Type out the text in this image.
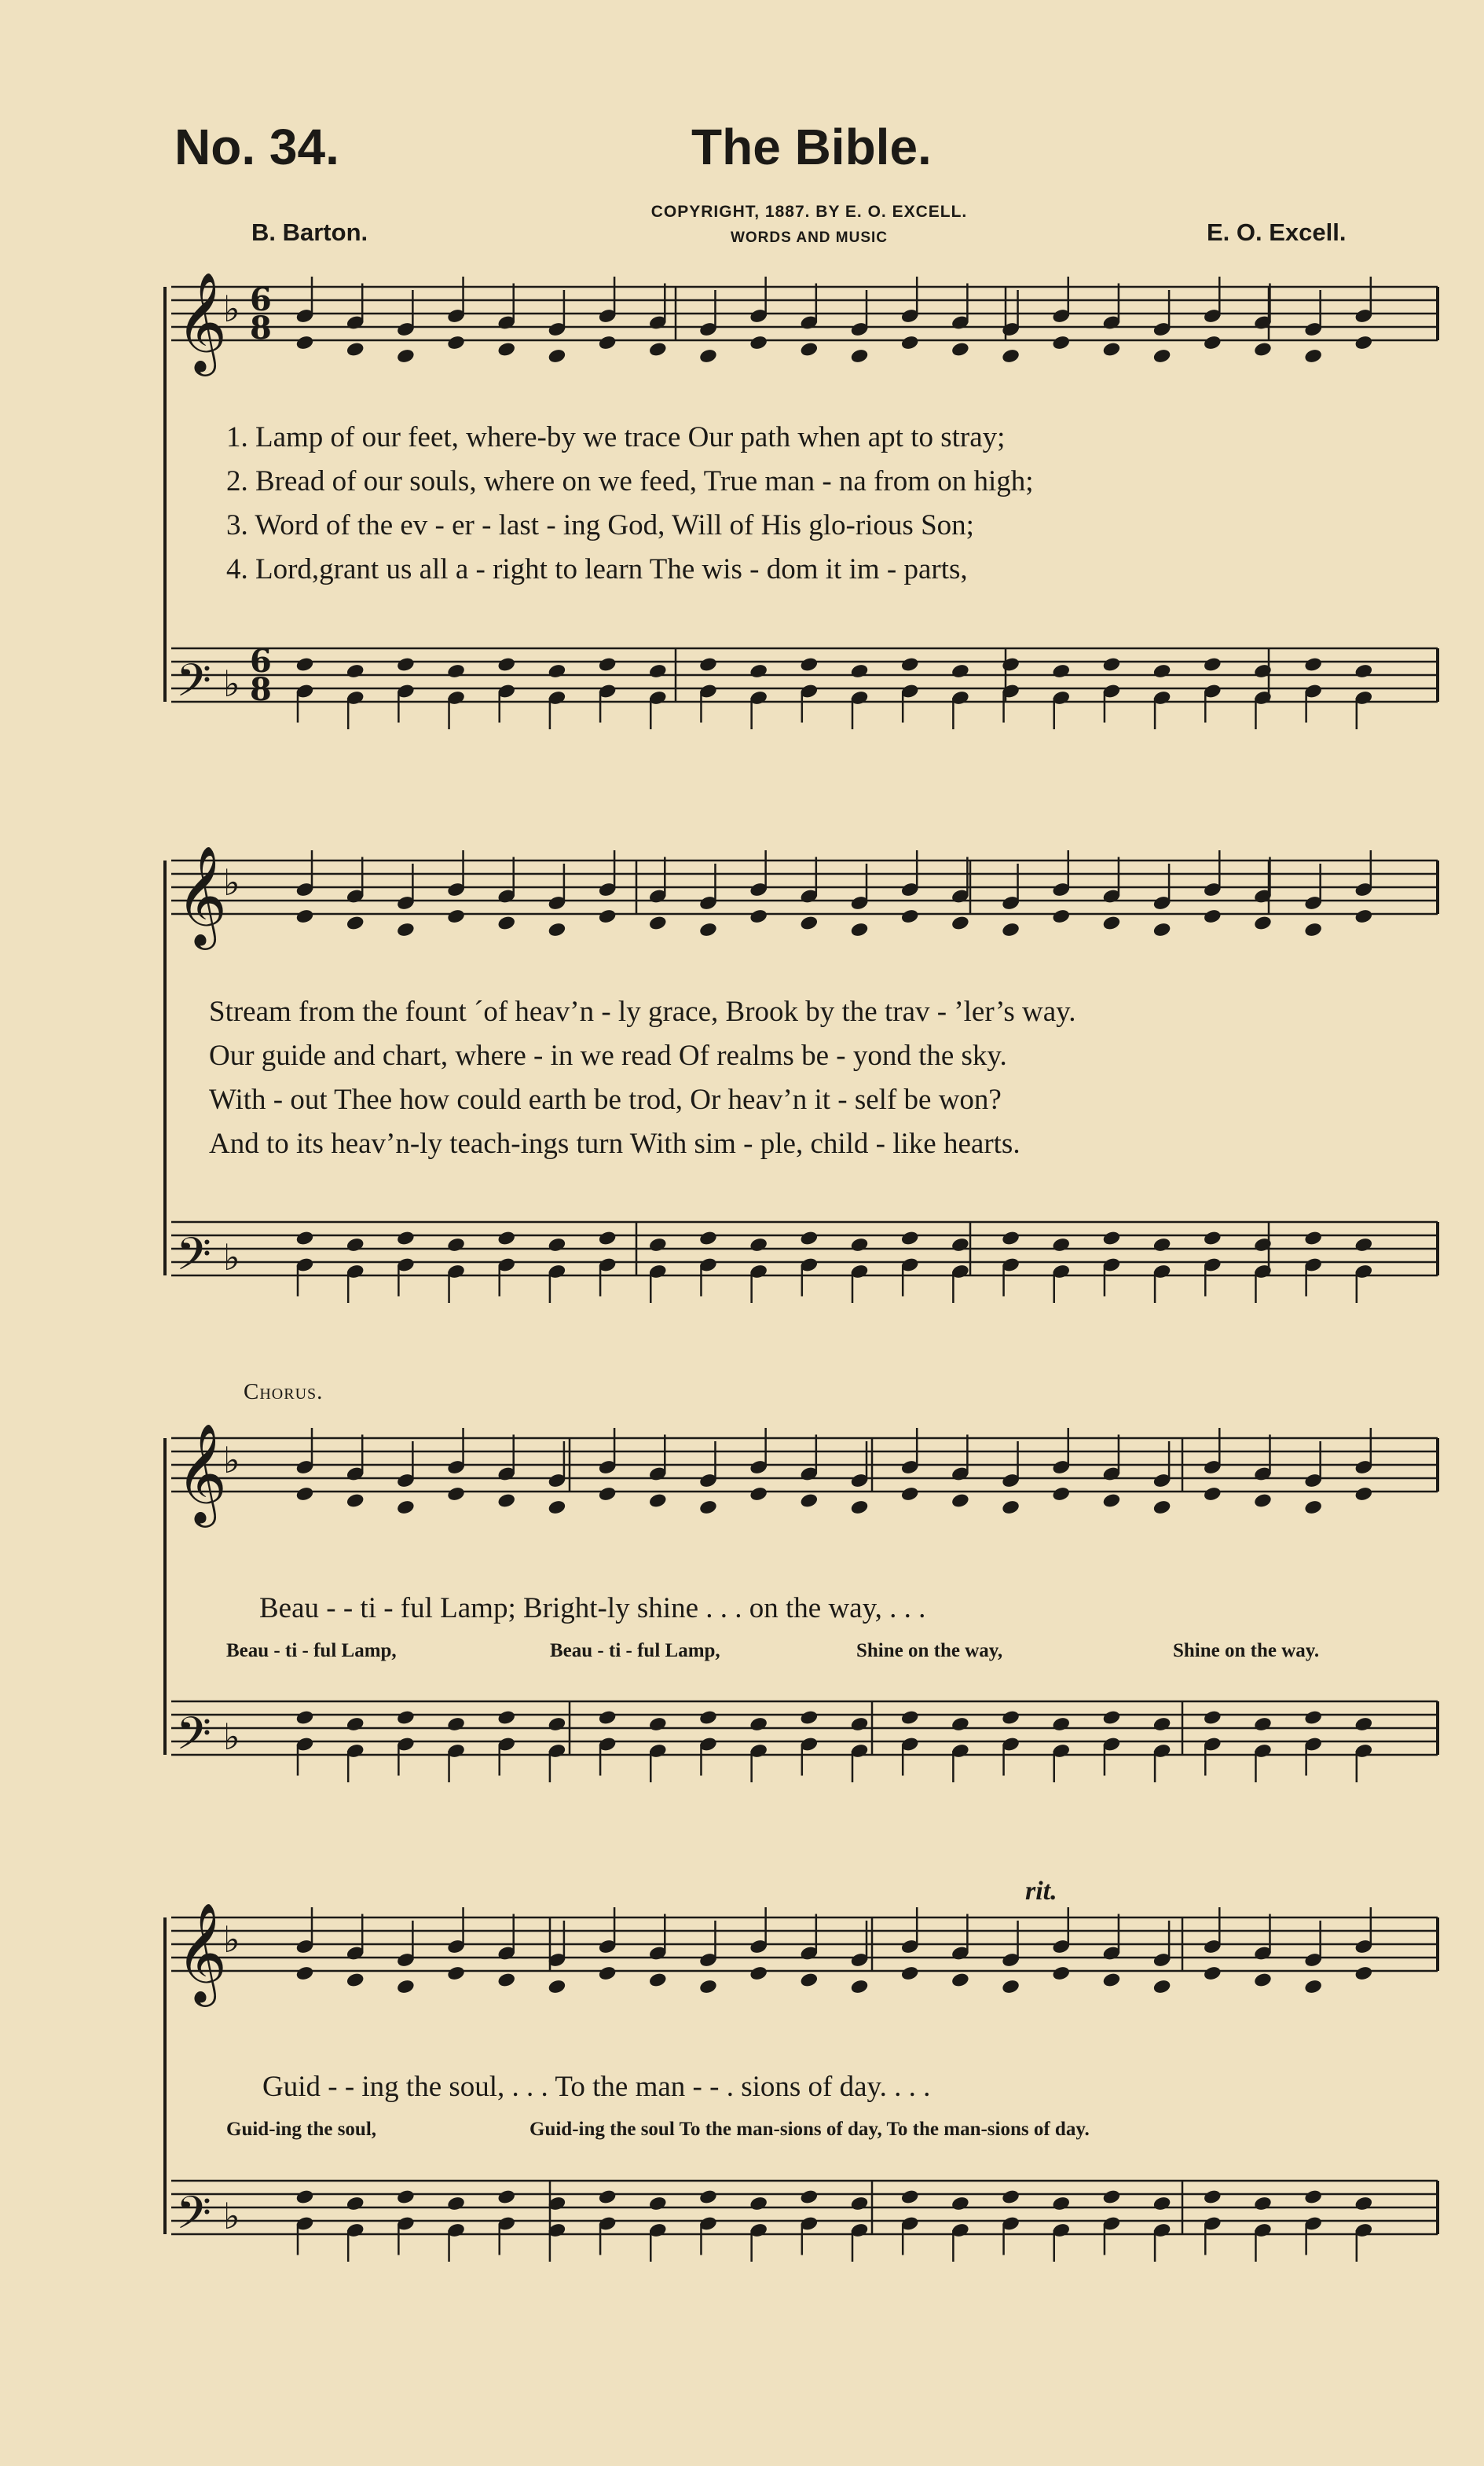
No. 34.	The Bible.
B. Barton.
COPYRIGHT, 1887. BY E. O. EXCELL.
WORDS AND MUSIC	E. O. Excell.
𝄞
♭
𝄢 ♭
𝄞
♭
𝄢 ♭
𝄞
♭
𝄢 ♭
𝄞
♭
𝄢 ♭
6
8
6
8
1. Lamp of our feet, where-by we trace Our path when apt to stray;
2. Bread of our souls, where on we feed, True man - na from on high;
3. Word of the ev - er - last - ing God, Will of His glo-rious Son;
4. Lord,grant us all a - right to learn The wis - dom it im - parts,
Stream from the fount ´of heav’n - ly grace, Brook by the trav - ’ler’s way.
Our guide and chart, where - in we read Of realms be - yond the sky.
With - out Thee how could earth be trod, Or heav’n it - self be won?
And to its heav’n-ly teach-ings turn With sim - ple, child - like hearts.
Chorus.
Beau - - ti - ful Lamp; Bright-ly shine . . . on the way, . . .
Beau - ti - ful Lamp,	Beau - ti - ful Lamp,	Shine on the way,	Shine on the way.
rit.
Guid - - ing the soul, . . . To the man - - . sions of day. . . .
Guid-ing the soul,	Guid-ing the soul To the man-sions of day, To the man-sions of day.
